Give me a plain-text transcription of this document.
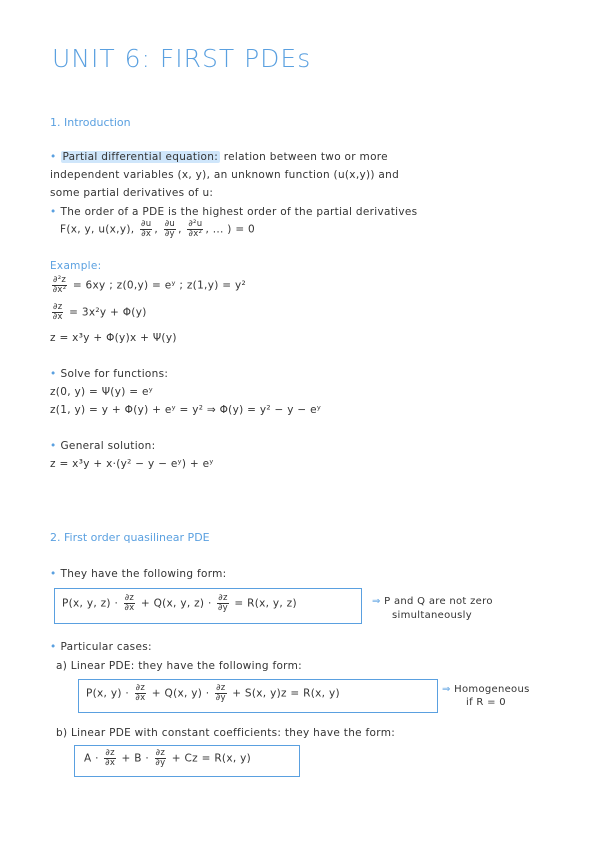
UNIT 6: FIRST PDEs
1. Introduction
• Partial differential equation: relation between two or more
independent variables (x, y), an unknown function (u(x,y)) and
some partial derivatives of u:
• The order of a PDE is the highest order of the partial derivatives
F(x, y, u(x,y), $\frac{\partial u}{\partial x}$ , $\frac{\partial u}{\partial y}$ , $\frac{\text{∂²u}}{\text{∂x²}}$ , ... ) = 0
Example:
$\frac{\text{∂²z}}{\text{∂x²}} = 6xy$ ; z(0,y) = eʸ ; z(1,y) = y²
$\frac{\partial z}{\partial x} = 3x^2y + \Phi(y)$
z = x³y + Φ(y)x + Ψ(y)
• Solve for functions:
z(0, y) = Ψ(y) = eʸ
z(1, y) = y + Φ(y) + eʸ = y² ⇒ Φ(y) = y² − y − eʸ
• General solution:
z = x³y + x·(y² − y − eʸ) + eʸ
2. First order quasilinear PDE
• They have the following form:
P(x, y, $z) \cdot \frac{\partial z}{\partial x} + Q(x$, y, $z) \cdot \frac{\partial z}{\partial y} = R(x$, y, z)	⇒ P and Q are not zero
simultaneously
• Particular cases:
a) Linear PDE: they have the following form:
P(x, $y) \cdot \frac{\partial z}{\partial x} + Q(x$, $y) \cdot \frac{\partial z}{\partial y} + S(x$, y)z = R(x, y)	⇒ Homogeneous
if R = 0
b) Linear PDE with constant coefficients: they have the form:
$A \cdot \frac{\partial z}{\partial x} + B \cdot \frac{\partial z}{\partial y} + Cz = R(x$, y)
